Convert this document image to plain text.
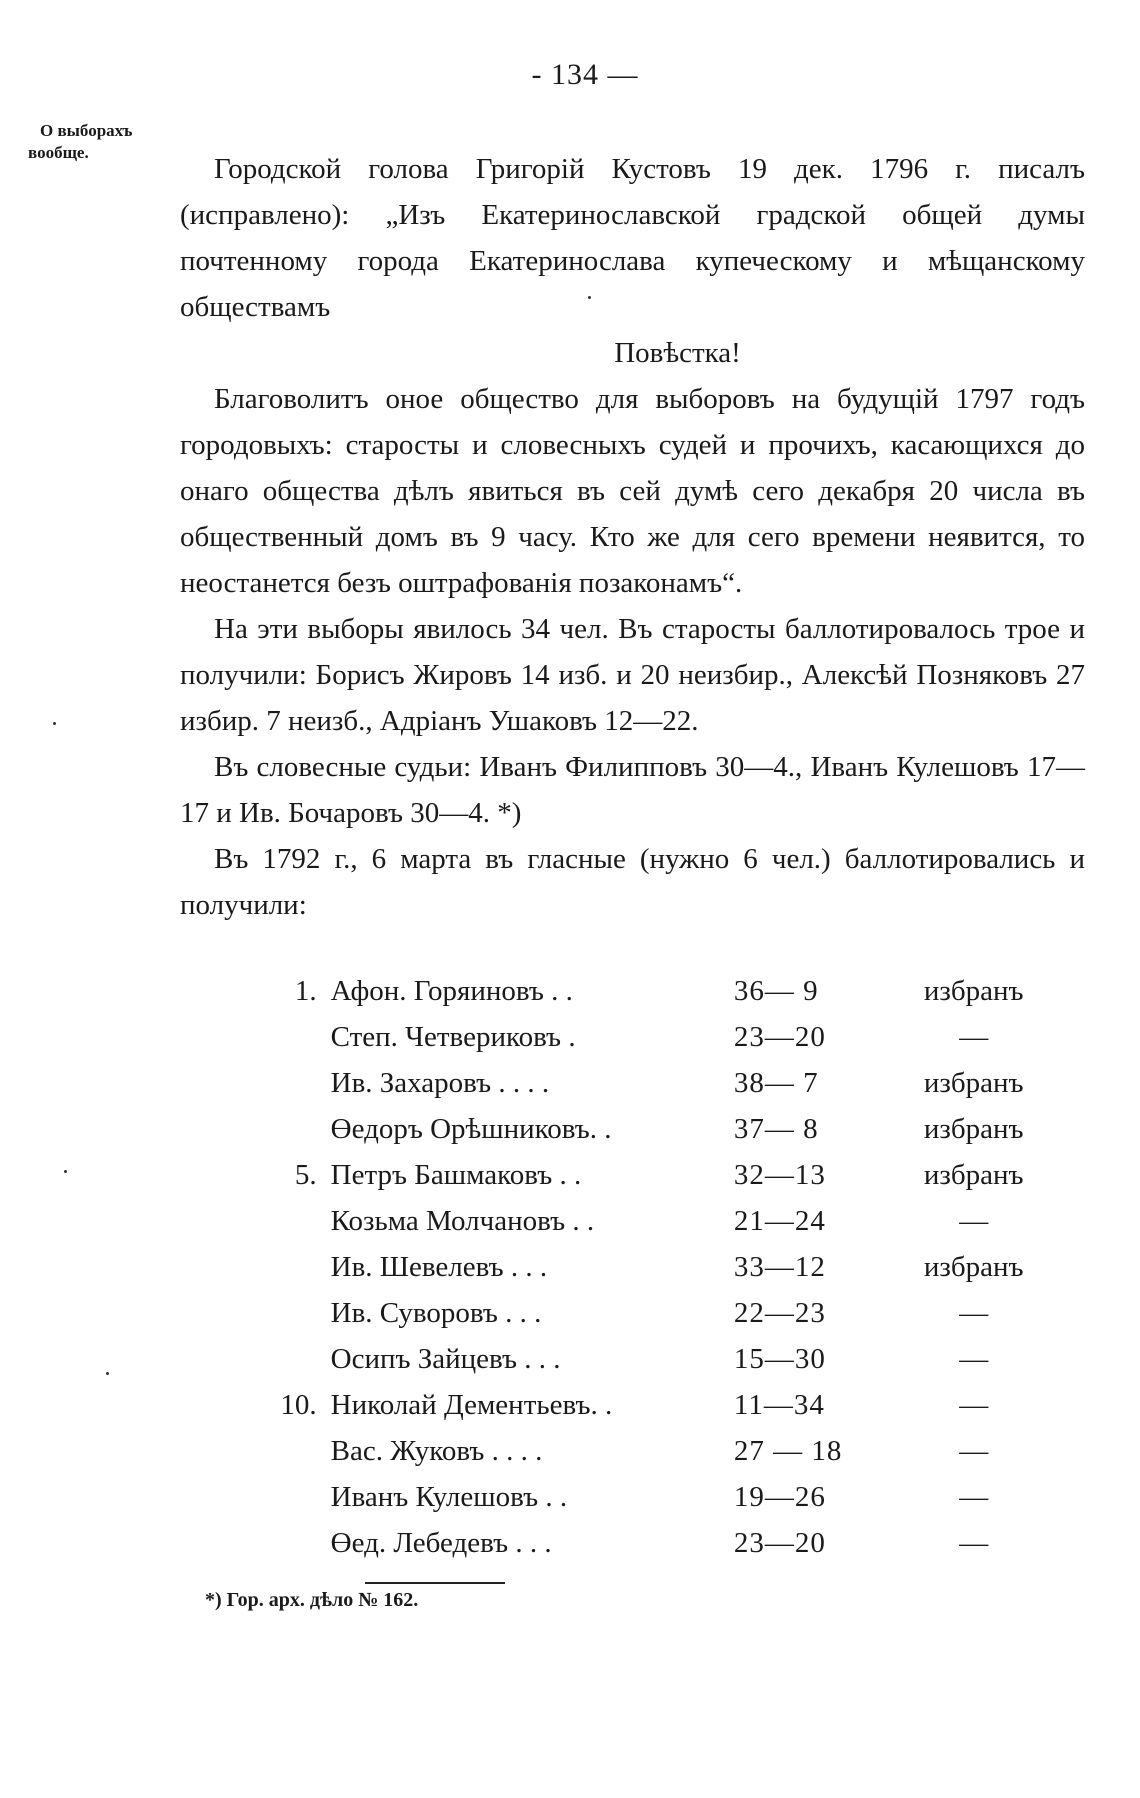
- 134 —
О выборахъ
вообще.

Городской голова Григорій Кустовъ 19 дек. 1796 г. писалъ (исправлено): „Изъ Екатеринославской градской общей думы почтенному города Екатеринослава купеческому и мѣщанскому обществамъ

Повѣстка!

Благоволитъ оное общество для выборовъ на будущій 1797 годъ городовыхъ: старосты и словесныхъ судей и прочихъ, касающихся до онаго общества дѣлъ явиться въ сей думѣ сего декабря 20 числа въ общественный домъ въ 9 часу. Кто же для сего времени неявится, то неостанется безъ оштрафованія позаконамъ“.

На эти выборы явилось 34 чел. Въ старосты баллотировалось трое и получили: Борисъ Жировъ 14 изб. и 20 неизбир., Алексѣй Позняковъ 27 избир. 7 неизб., Адріанъ Ушаковъ 12—22.

Въ словесные судьи: Иванъ Филипповъ 30—4., Иванъ Кулешовъ 17—17 и Ив. Бочаровъ 30—4. *)

Въ 1792 г., 6 марта въ гласные (нужно 6 чел.) баллотировались и получили:

1.	Афон. Горяиновъ . .	36— 9	избранъ
	Степ. Четвериковъ .	23—20	—
	Ив. Захаровъ . . . .	38— 7	избранъ
	Өедоръ Орѣшниковъ. .	37— 8	избранъ
5.	Петръ Башмаковъ . .	32—13	избранъ
	Козьма Молчановъ . .	21—24	—
	Ив. Шевелевъ . . .	33—12	избранъ
	Ив. Суворовъ . . .	22—23	—
	Осипъ Зайцевъ . . .	15—30	—
10.	Николай Дементьевъ. .	11—34	—
	Вас. Жуковъ . . . .	27 — 18	—
	Иванъ Кулешовъ . .	19—26	—
	Өед. Лебедевъ . . .	23—20	—
*) Гор. арх. дѣло № 162.
